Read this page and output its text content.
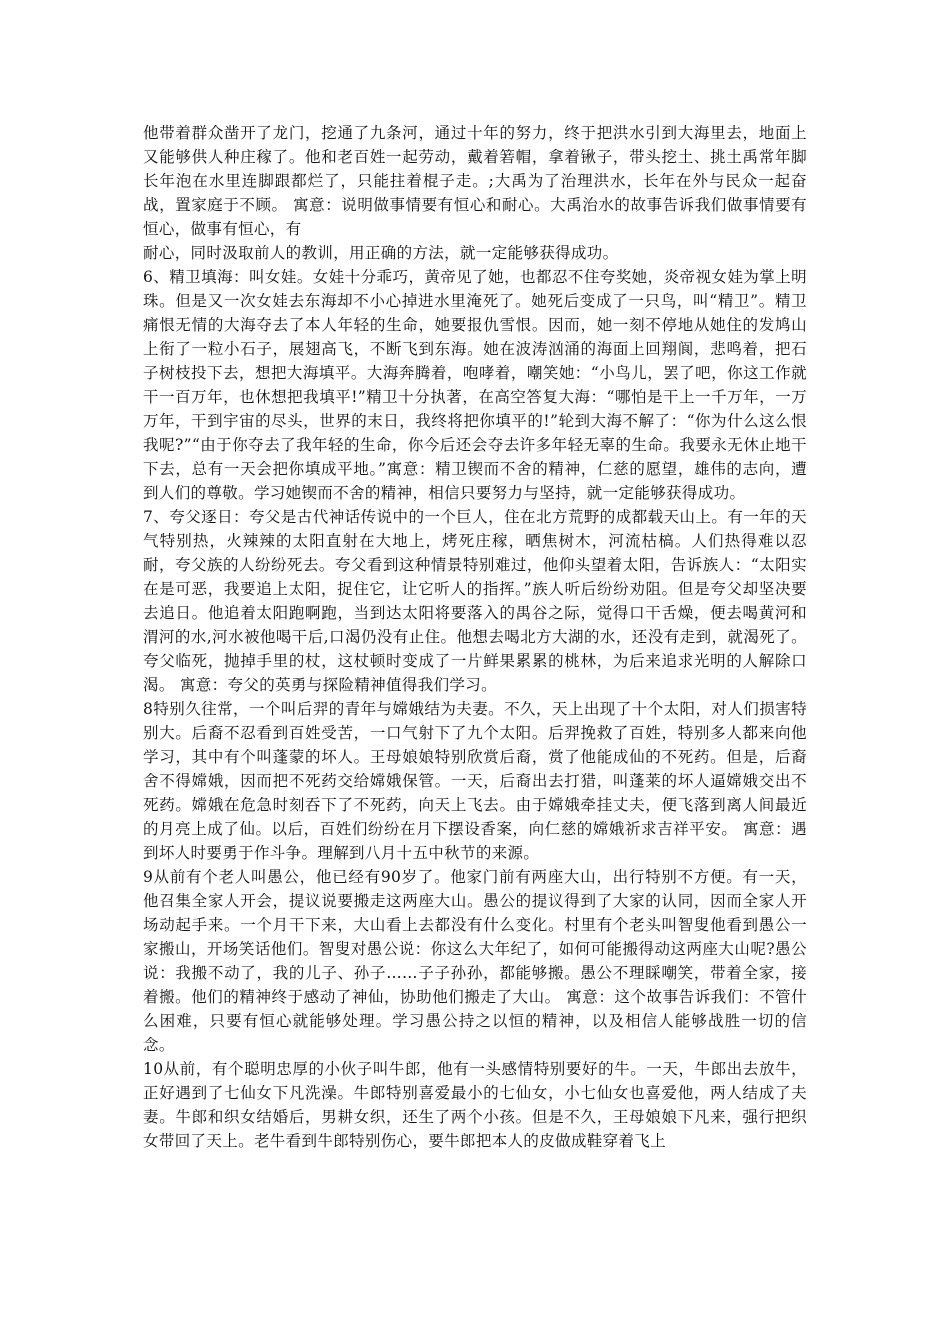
他带着群众凿开了龙门，挖通了九条河，通过十年的努力，终于把洪水引到大海里去，地面上又能够供人种庄稼了。他和老百姓一起劳动，戴着箬帽，拿着锹子，带头挖土、挑土禹常年脚长年泡在水里连脚跟都烂了，只能拄着棍子走。;大禹为了治理洪水，长年在外与民众一起奋战，置家庭于不顾。 寓意：说明做事情要有恒心和耐心。大禹治水的故事告诉我们做事情要有恒心，做事有恒心，有

耐心，同时汲取前人的教训，用正确的方法，就一定能够获得成功。

6、精卫填海：叫女娃。女娃十分乖巧，黄帝见了她，也都忍不住夸奖她，炎帝视女娃为掌上明珠。但是又一次女娃去东海却不小心掉进水里淹死了。她死后变成了一只鸟，叫“精卫”。精卫痛恨无情的大海夺去了本人年轻的生命，她要报仇雪恨。因而，她一刻不停地从她住的发鸠山上衔了一粒小石子，展翅高飞，不断飞到东海。她在波涛汹涌的海面上回翔阆，悲鸣着，把石子树枝投下去，想把大海填平。大海奔腾着，咆哮着，嘲笑她：“小鸟儿，罢了吧，你这工作就干一百万年，也休想把我填平!”精卫十分执著，在高空答复大海：“哪怕是干上一千万年，一万万年，干到宇宙的尽头，世界的末日，我终将把你填平的!”轮到大海不解了：“你为什么这么恨我呢?”“由于你夺去了我年轻的生命，你今后还会夺去许多年轻无辜的生命。我要永无休止地干下去，总有一天会把你填成平地。”寓意：精卫锲而不舍的精神，仁慈的愿望，雄伟的志向，遭到人们的尊敬。学习她锲而不舍的精神，相信只要努力与坚持，就一定能够获得成功。

7、夸父逐日：夸父是古代神话传说中的一个巨人，住在北方荒野的成都载天山上。有一年的天气特别热，火辣辣的太阳直射在大地上，烤死庄稼，晒焦树木，河流枯槁。人们热得难以忍耐，夸父族的人纷纷死去。夸父看到这种情景特别难过，他仰头望着太阳，告诉族人：“太阳实在是可恶，我要追上太阳，捉住它，让它听人的指挥。”族人听后纷纷劝阻。但是夸父却坚决要去追日。他追着太阳跑啊跑，当到达太阳将要落入的禺谷之际，觉得口干舌燥，便去喝黄河和渭河的水,河水被他喝干后,口渴仍没有止住。他想去喝北方大湖的水，还没有走到，就渴死了。夸父临死，抛掉手里的杖，这杖顿时变成了一片鲜果累累的桃林，为后来追求光明的人解除口渴。 寓意：夸父的英勇与探险精神值得我们学习。

8特别久往常，一个叫后羿的青年与嫦娥结为夫妻。不久，天上出现了十个太阳，对人们损害特别大。后裔不忍看到百姓受苦，一口气射下了九个太阳。后羿挽救了百姓，特别多人都来向他学习，其中有个叫蓬蒙的坏人。王母娘娘特别欣赏后裔，赏了他能成仙的不死药。但是，后裔舍不得嫦娥，因而把不死药交给嫦娥保管。一天，后裔出去打猎，叫蓬莱的坏人逼嫦娥交出不死药。嫦娥在危急时刻吞下了不死药，向天上飞去。由于嫦娥牵挂丈夫，便飞落到离人间最近的月亮上成了仙。以后，百姓们纷纷在月下摆设香案，向仁慈的嫦娥祈求吉祥平安。 寓意：遇到坏人时要勇于作斗争。理解到八月十五中秋节的来源。

9从前有个老人叫愚公，他已经有90岁了。他家门前有两座大山，出行特别不方便。有一天，他召集全家人开会，提议说要搬走这两座大山。愚公的提议得到了大家的认同，因而全家人开场动起手来。一个月干下来，大山看上去都没有什么变化。村里有个老头叫智叟他看到愚公一家搬山，开场笑话他们。智叟对愚公说：你这么大年纪了，如何可能搬得动这两座大山呢?愚公说：我搬不动了，我的儿子、孙子……子子孙孙，都能够搬。愚公不理睬嘲笑，带着全家，接着搬。他们的精神终于感动了神仙，协助他们搬走了大山。 寓意：这个故事告诉我们：不管什么困难，只要有恒心就能够处理。学习愚公持之以恒的精神，以及相信人能够战胜一切的信念。

10从前，有个聪明忠厚的小伙子叫牛郎，他有一头感情特别要好的牛。一天，牛郎出去放牛，正好遇到了七仙女下凡洗澡。牛郎特别喜爱最小的七仙女，小七仙女也喜爱他，两人结成了夫妻。牛郎和织女结婚后，男耕女织，还生了两个小孩。但是不久，王母娘娘下凡来，强行把织女带回了天上。老牛看到牛郎特别伤心，要牛郎把本人的皮做成鞋穿着飞上
